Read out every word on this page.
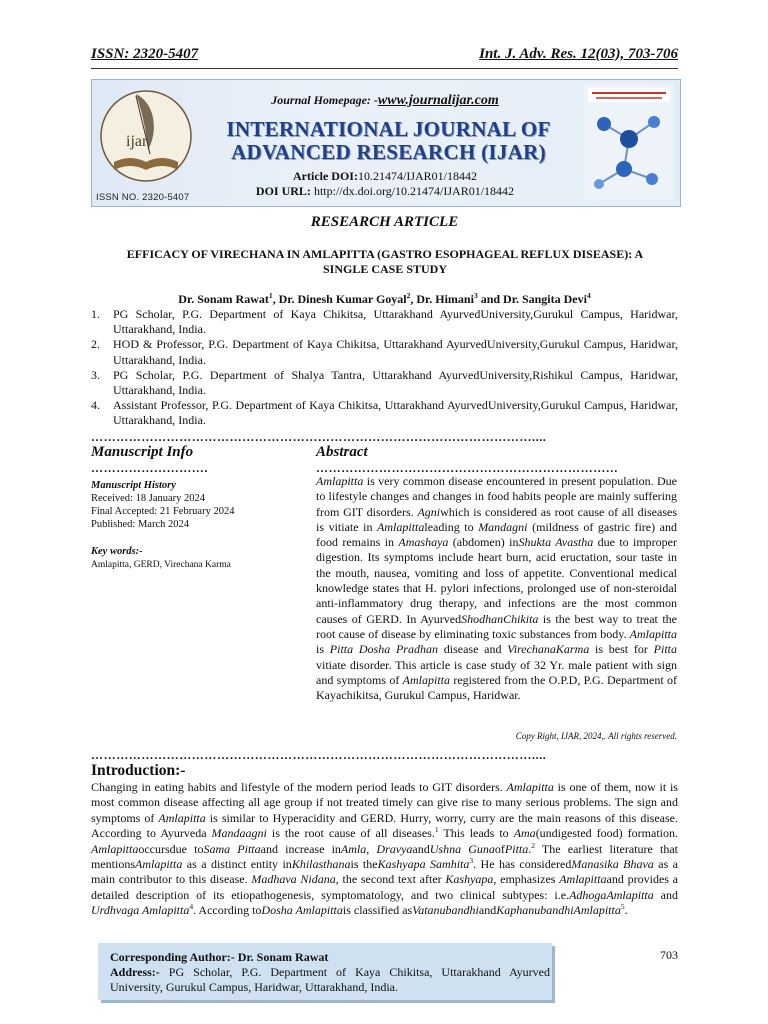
ISSN: 2320-5407	Int. J. Adv. Res. 12(03), 703-706
ijar
ISSN NO. 2320-5407
Journal Homepage: -www.journalijar.com
INTERNATIONAL JOURNAL OF
ADVANCED RESEARCH (IJAR)
Article DOI:10.21474/IJAR01/18442
DOI URL: http://dx.doi.org/10.21474/IJAR01/18442
RESEARCH ARTICLE
EFFICACY OF VIRECHANA IN AMLAPITTA (GASTRO ESOPHAGEAL REFLUX DISEASE): A SINGLE CASE STUDY
Dr. Sonam Rawat$^1$, Dr. Dinesh Kumar Goyal$^2$, Dr. Himani$^3$ and Dr. Sangita Devi$^4$
1.	PG Scholar, P.G. Department of Kaya Chikitsa, Uttarakhand AyurvedUniversity,Gurukul Campus, Haridwar, Uttarakhand, India.
2.	HOD & Professor, P.G. Department of Kaya Chikitsa, Uttarakhand AyurvedUniversity,Gurukul Campus, Haridwar, Uttarakhand, India.
3.	PG Scholar, P.G. Department of Shalya Tantra, Uttarakhand AyurvedUniversity,Rishikul Campus, Haridwar, Uttarakhand, India.
4.	Assistant Professor, P.G. Department of Kaya Chikitsa, Uttarakhand AyurvedUniversity,Gurukul Campus, Haridwar, Uttarakhand, India.
……………………………………………………………………………………………....
Manuscript Info
……………………….
Manuscript History
Received: 18 January 2024
Final Accepted: 21 February 2024
Published: March 2024
Key words:-
Amlapitta, GERD, Virechana Karma
Abstract
………………………………………………………………

Amlapitta is very common disease encountered in present population. Due to lifestyle changes and changes in food habits people are mainly suffering from GIT disorders. Agniwhich is considered as root cause of all diseases is vitiate in Amlapittaleading to Mandagni (mildness of gastric fire) and food remains in Amashaya (abdomen) inShukta Avastha due to improper digestion. Its symptoms include heart burn, acid eructation, sour taste in the mouth, nausea, vomiting and loss of appetite. Conventional medical knowledge states that H. pylori infections, prolonged use of non-steroidal anti-inflammatory drug therapy, and infections are the most common causes of GERD. In AyurvedShodhanChikita is the best way to treat the root cause of disease by eliminating toxic substances from body. Amlapitta is Pitta Dosha Pradhan disease and VirechanaKarma is best for Pitta vitiate disorder. This article is case study of 32 Yr. male patient with sign and symptoms of Amlapitta registered from the O.P.D, P.G. Department of Kayachikitsa, Gurukul Campus, Haridwar.

Copy Right, IJAR, 2024,. All rights reserved.
……………………………………………………………………………………………....
Introduction:-

Changing in eating habits and lifestyle of the modern period leads to GIT disorders. Amlapitta is one of them, now it is most common disease affecting all age group if not treated timely can give rise to many serious problems. The sign and symptoms of Amlapitta is similar to Hyperacidity and GERD. Hurry, worry, curry are the main reasons of this disease. According to Ayurveda Mandaagni is the root cause of all diseases.$^1$ This leads to Ama(undigested food) formation. Amlapittaoccursdue toSama Pittaand increase inAmla, DravyaandUshna GunaofPitta.$^2$ The earliest literature that mentionsAmlapitta as a distinct entity inKhilasthanais theKashyapa Samhita$^3$. He has consideredManasika Bhava as a main contributor to this disease. Madhava Nidana, the second text after Kashyapa, emphasizes Amlapittaand provides a detailed description of its etiopathogenesis, symptomatology, and two clinical subtypes: i.e.AdhogaAmlapitta and Urdhvaga Amlapitta$^4$. According toDosha Amlapittais classified asVatanubandhiandKaphanubandhiAmlapitta$^5$.

Corresponding Author:- Dr. Sonam Rawat

Address:- PG Scholar, P.G. Department of Kaya Chikitsa, Uttarakhand Ayurved University, Gurukul Campus, Haridwar, Uttarakhand, India.

703
